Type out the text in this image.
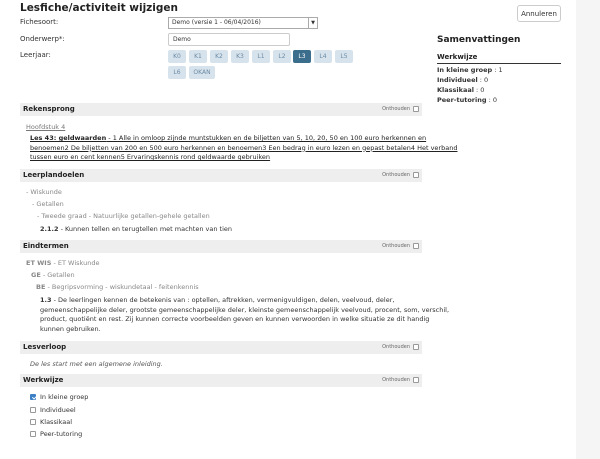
Lesfiche/activiteit wijzigen	Annuleren
Fichesoort:	Demo (versie 1 - 06/04/2016)	▼
Onderwerp*:	Demo
Leerjaar:	K0	K1	K2	K3	L1	L2	L3	L4	L5
L6	OKAN
Samenvattingen
Werkwijze
In kleine groep : 1
Individueel : 0
Klassikaal : 0
Peer-tutoring : 0
Rekensprong	Onthouden
Hoofdstuk 4
Les 43: geldwaarden - 1 Alle in omloop zijnde muntstukken en de biljetten van 5, 10, 20, 50 en 100 euro herkennen en
benoemen2 De biljetten van 200 en 500 euro herkennen en benoemen3 Een bedrag in euro lezen en gepast betalen4 Het verband
tussen euro en cent kennen5 Ervaringskennis rond geldwaarde gebruiken
Leerplandoelen	Onthouden
- Wiskunde
- Getallen
- Tweede graad - Natuurlijke getallen-gehele getallen
2.1.2 - Kunnen tellen en terugtellen met machten van tien
Eindtermen	Onthouden
ET WIS - ET Wiskunde
GE - Getallen
BE - Begripsvorming - wiskundetaal - feitenkennis
1.3 - De leerlingen kennen de betekenis van : optellen, aftrekken, vermenigvuldigen, delen, veelvoud, deler,
gemeenschappelijke deler, grootste gemeenschappelijke deler, kleinste gemeenschappelijk veelvoud, procent, som, verschil,
product, quotiënt en rest. Zij kunnen correcte voorbeelden geven en kunnen verwoorden in welke situatie ze dit handig
kunnen gebruiken.
Lesverloop	Onthouden
De les start met een algemene inleiding.
Werkwijze	Onthouden
In kleine groep
Individueel
Klassikaal
Peer-tutoring
